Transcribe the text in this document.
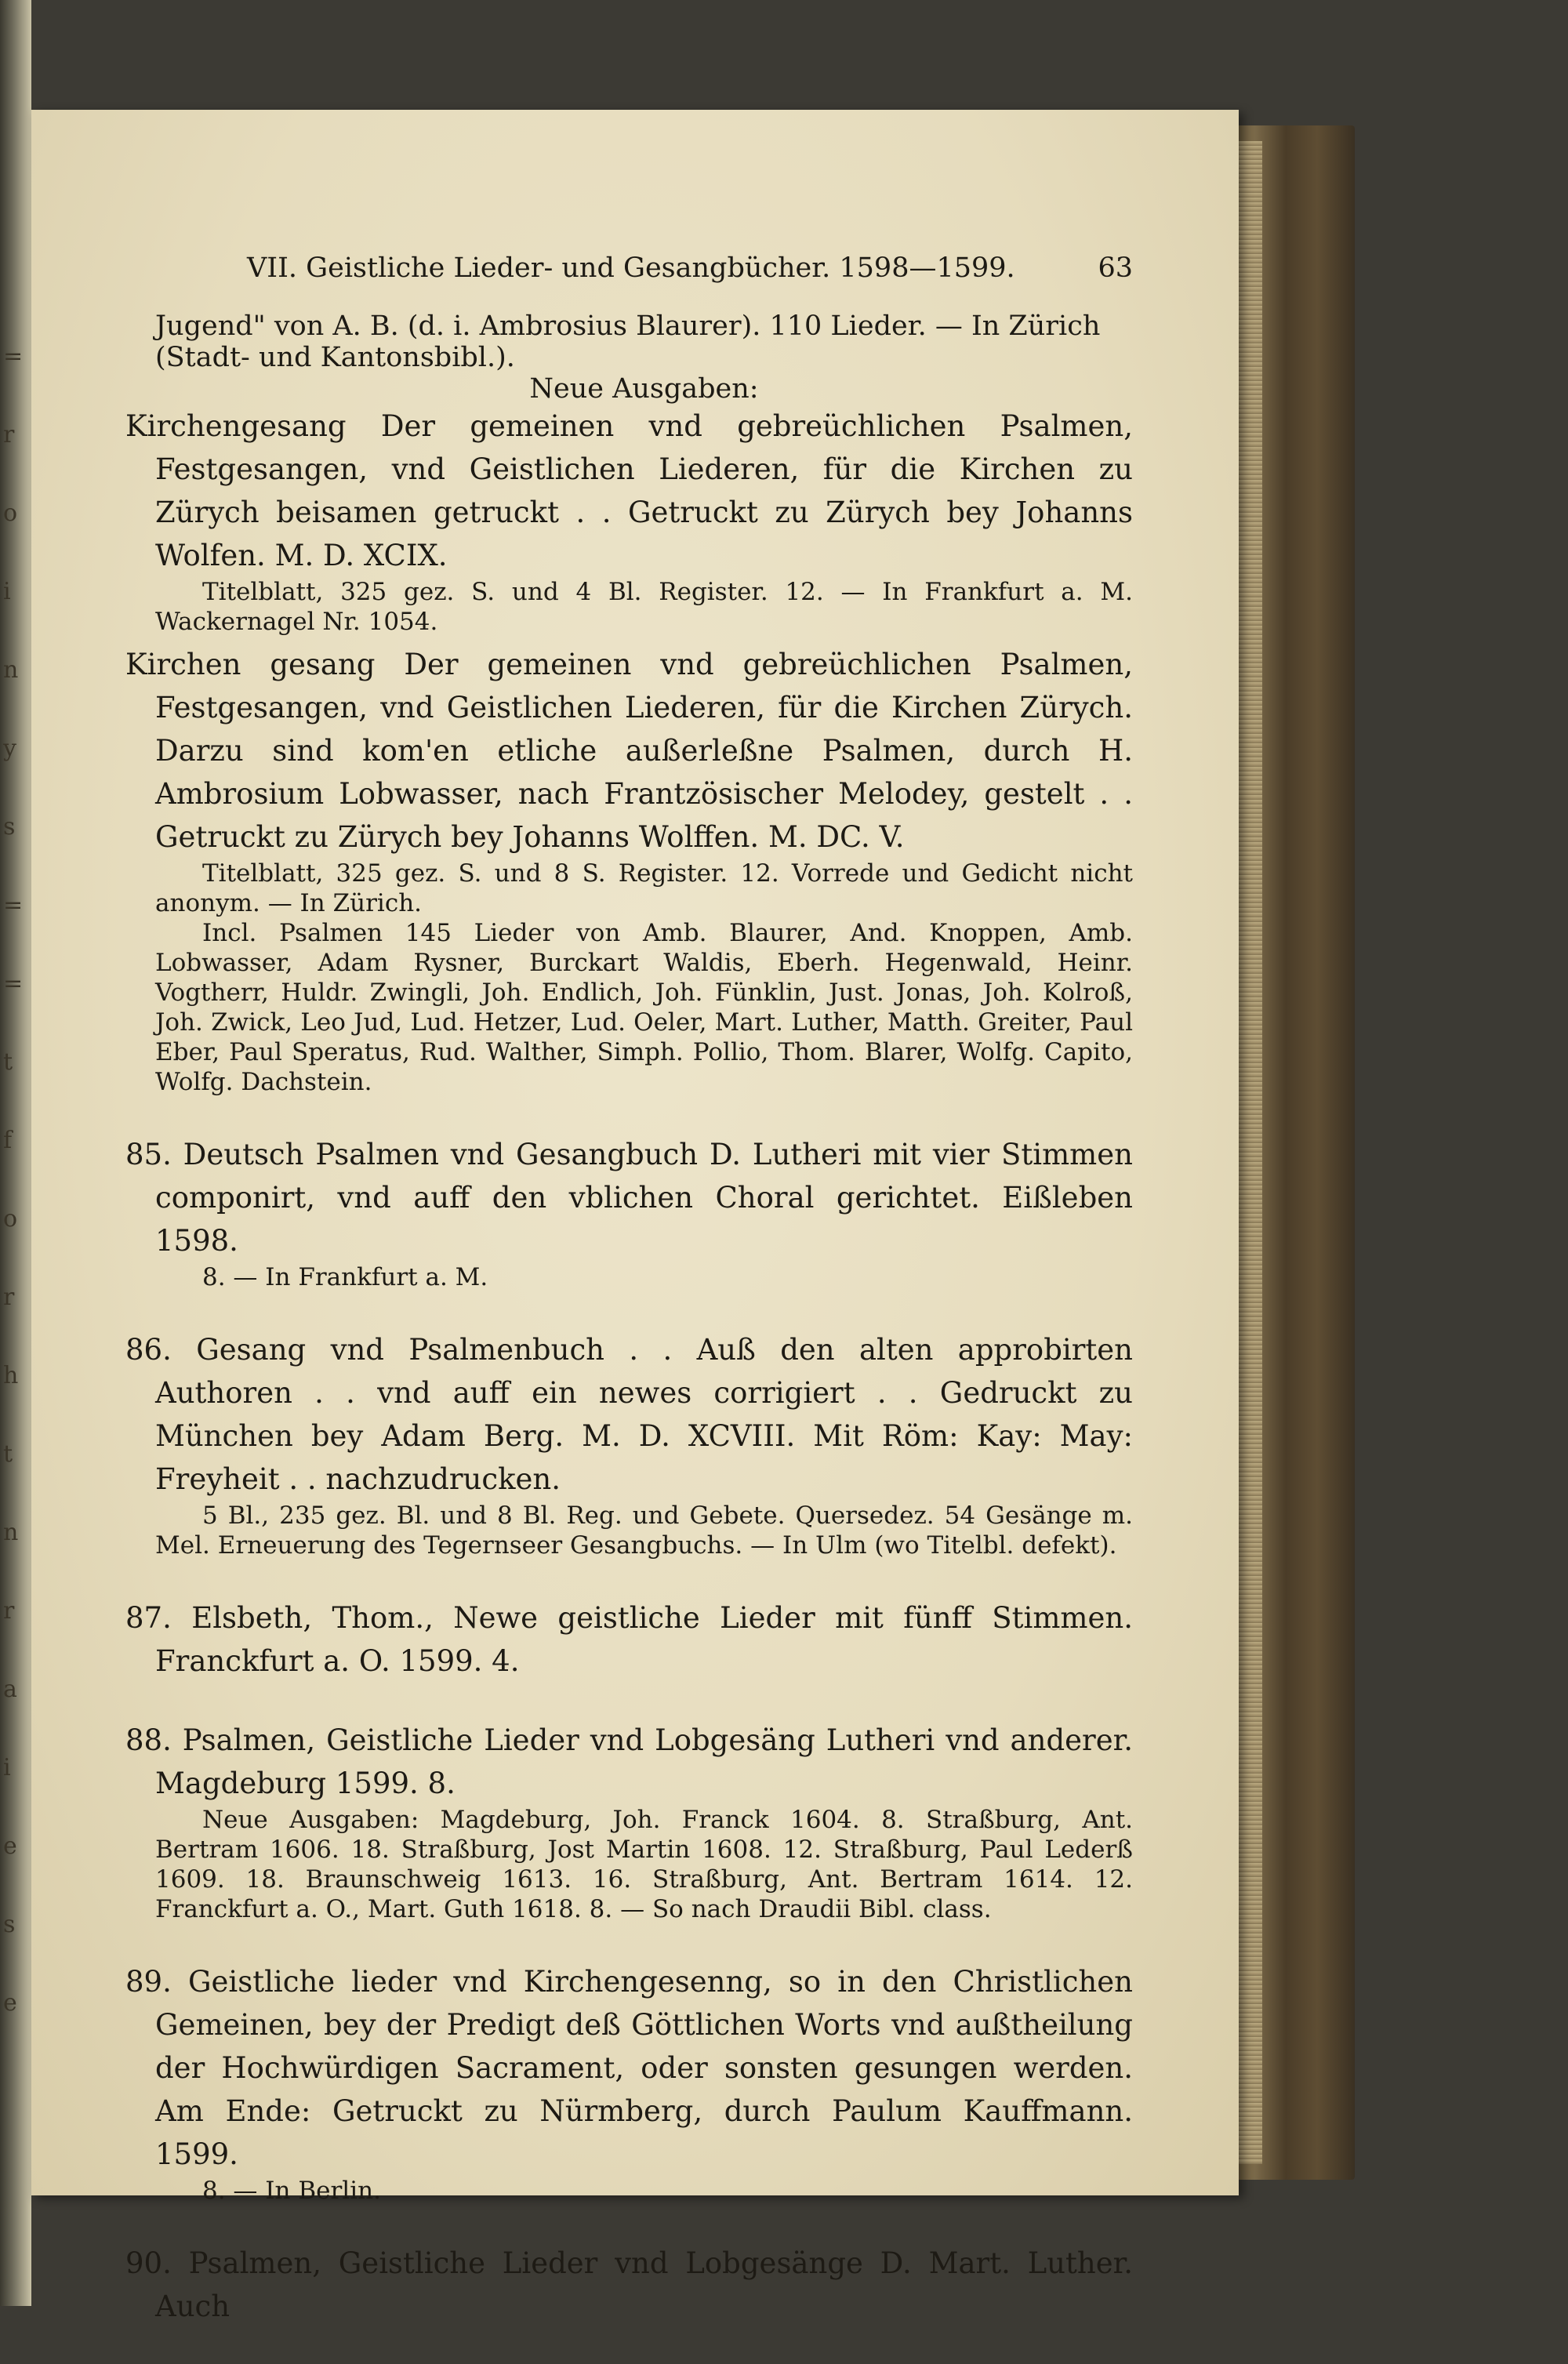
=
r
o
i
n
y
s
=
=
t
f
o
r
h
t
n
r
a
i
e
s
e
VII. Geistliche Lieder- und Gesangbücher. 1598—1599.	63
Jugend" von A. B. (d. i. Ambrosius Blaurer). 110 Lieder. — In Zürich
(Stadt- und Kantonsbibl.).
Neue Ausgaben:
Kirchengesang Der gemeinen vnd gebreüchlichen Psalmen, Festgesangen, vnd Geistlichen Liederen, für die Kirchen zu Zürych beisamen getruckt . . Getruckt zu Zürych bey Johanns Wolfen. M. D. XCIX.
Titelblatt, 325 gez. S. und 4 Bl. Register. 12. — In Frankfurt a. M. Wackernagel Nr. 1054.
Kirchen gesang Der gemeinen vnd gebreüchlichen Psalmen, Festgesangen, vnd Geistlichen Liederen, für die Kirchen Zürych. Darzu sind kom'en etliche außerleßne Psalmen, durch H. Ambrosium Lobwasser, nach Frantzösischer Melodey, gestelt . . Getruckt zu Zürych bey Johanns Wolffen. M. DC. V.
Titelblatt, 325 gez. S. und 8 S. Register. 12. Vorrede und Gedicht nicht anonym. — In Zürich.
Incl. Psalmen 145 Lieder von Amb. Blaurer, And. Knoppen, Amb. Lobwasser, Adam Rysner, Burckart Waldis, Eberh. Hegenwald, Heinr. Vogtherr, Huldr. Zwingli, Joh. Endlich, Joh. Fünklin, Just. Jonas, Joh. Kolroß, Joh. Zwick, Leo Jud, Lud. Hetzer, Lud. Oeler, Mart. Luther, Matth. Greiter, Paul Eber, Paul Speratus, Rud. Walther, Simph. Pollio, Thom. Blarer, Wolfg. Capito, Wolfg. Dachstein.
85. Deutsch Psalmen vnd Gesangbuch D. Lutheri mit vier Stimmen componirt, vnd auff den vblichen Choral gerichtet. Eißleben 1598.
8. — In Frankfurt a. M.
86. Gesang vnd Psalmenbuch . . Auß den alten approbirten Authoren . . vnd auff ein newes corrigiert . . Gedruckt zu München bey Adam Berg. M. D. XCVIII. Mit Röm: Kay: May: Freyheit . . nachzudrucken.
5 Bl., 235 gez. Bl. und 8 Bl. Reg. und Gebete. Quersedez. 54 Gesänge m. Mel. Erneuerung des Tegernseer Gesangbuchs. — In Ulm (wo Titelbl. defekt).
87. Elsbeth, Thom., Newe geistliche Lieder mit fünff Stimmen. Franckfurt a. O. 1599. 4.
88. Psalmen, Geistliche Lieder vnd Lobgesäng Lutheri vnd anderer. Magdeburg 1599. 8.
Neue Ausgaben: Magdeburg, Joh. Franck 1604. 8. Straßburg, Ant. Bertram 1606. 18. Straßburg, Jost Martin 1608. 12. Straßburg, Paul Lederß 1609. 18. Braunschweig 1613. 16. Straßburg, Ant. Bertram 1614. 12. Franckfurt a. O., Mart. Guth 1618. 8. — So nach Draudii Bibl. class.
89. Geistliche lieder vnd Kirchengesenng, so in den Christlichen Gemeinen, bey der Predigt deß Göttlichen Worts vnd außtheilung der Hochwürdigen Sacrament, oder sonsten gesungen werden. Am Ende: Getruckt zu Nürmberg, durch Paulum Kauffmann. 1599.
8. — In Berlin.
90. Psalmen, Geistliche Lieder vnd Lobgesänge D. Mart. Luther. Auch
